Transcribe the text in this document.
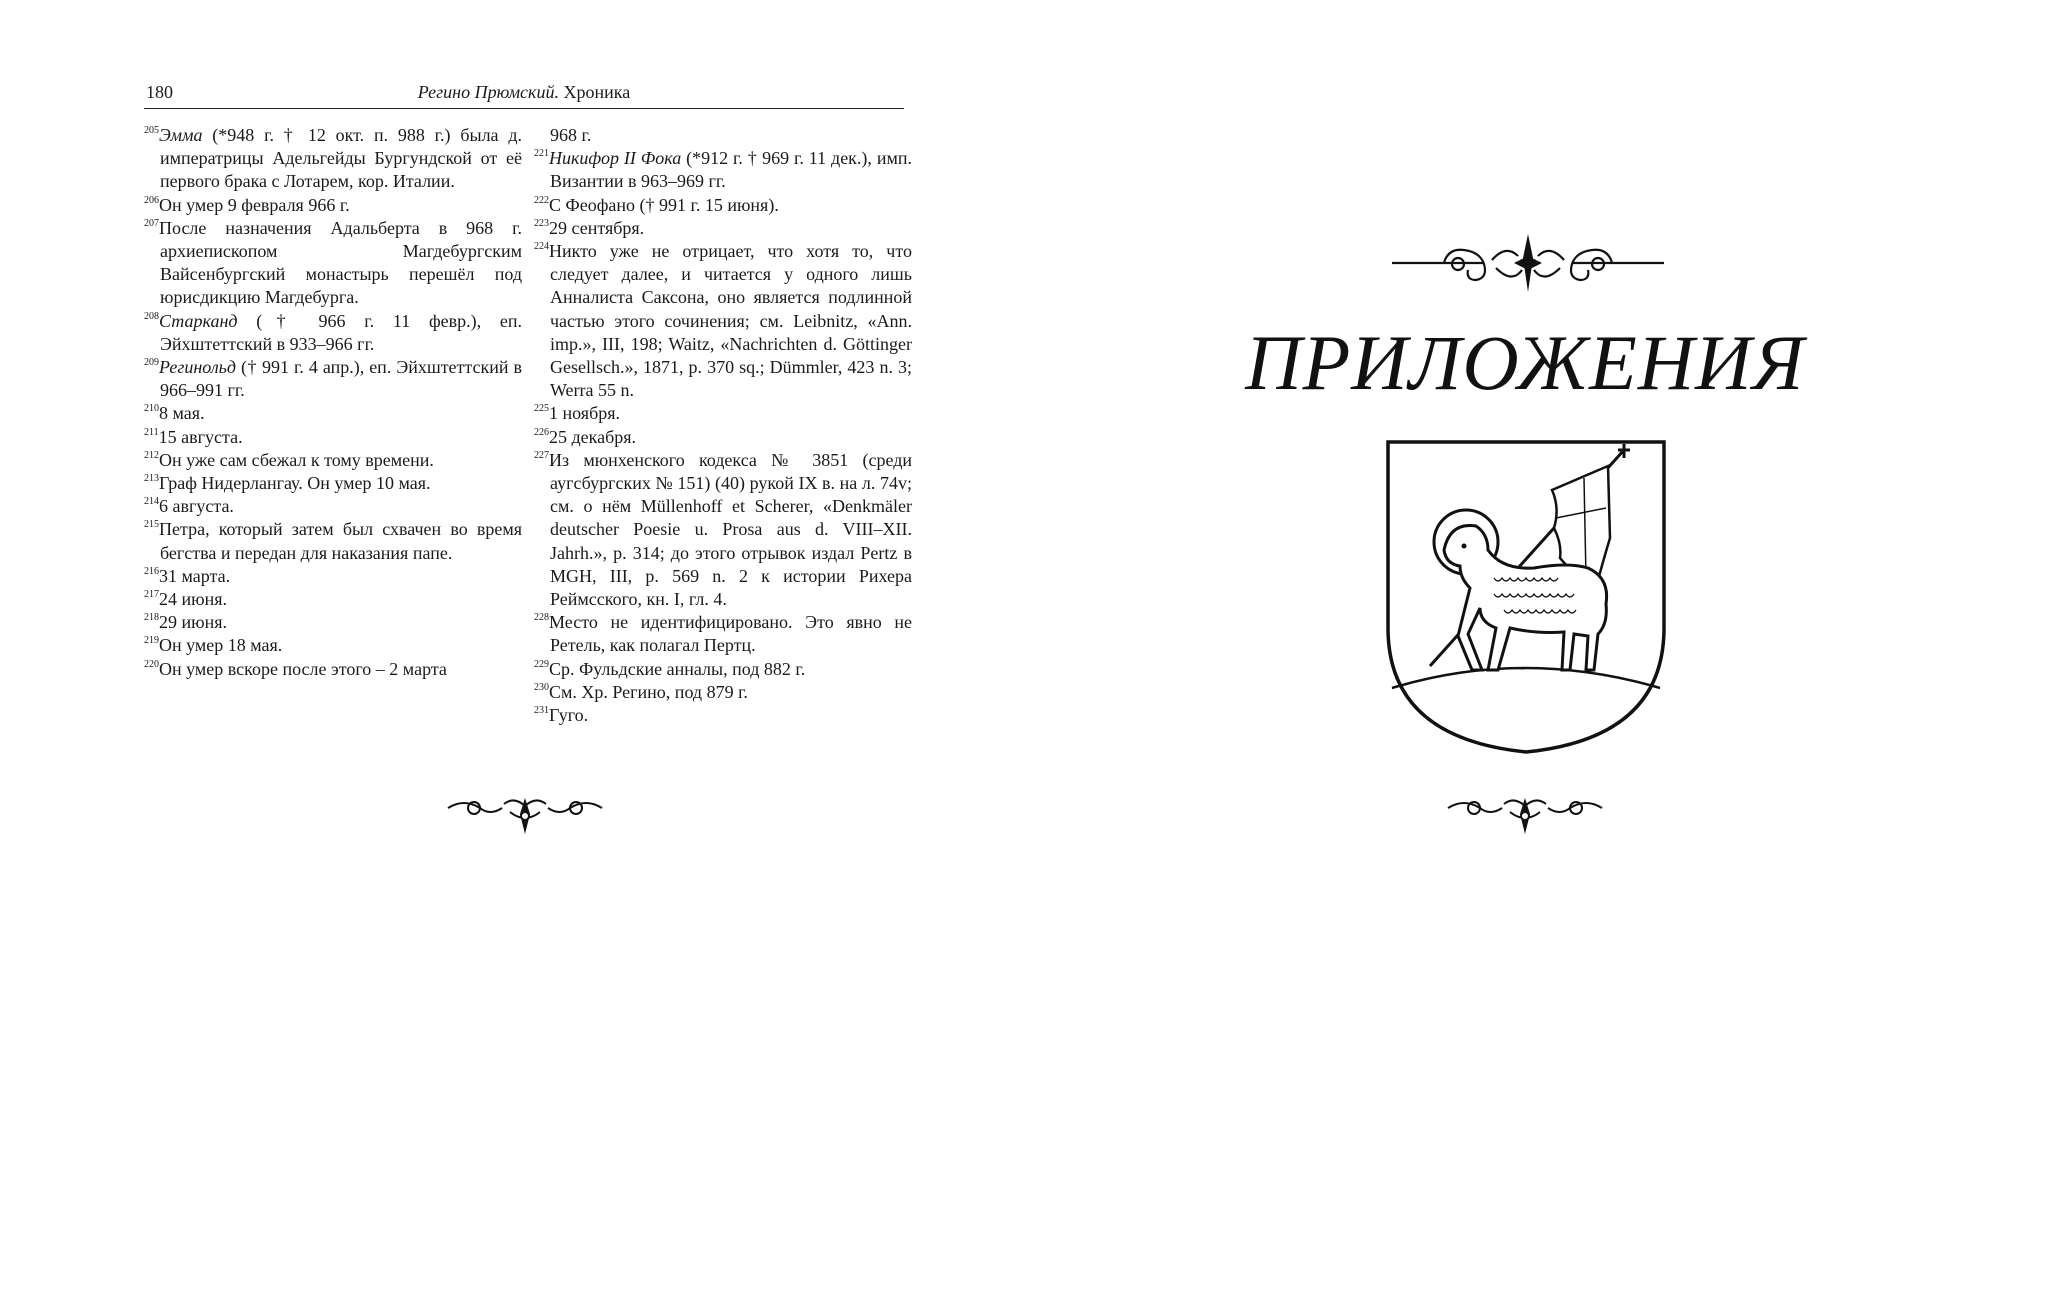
180	Регино Прюмский. Хроника

$^{205}$Эмма (*948 г. † 12 окт. п. 988 г.) была д. императрицы Адельгейды Бургундской от её первого брака с Лотарем, кор. Италии.

$^{206}$Он умер 9 февраля 966 г.

$^{207}$После назначения Адальберта в 968 г. архиепископом Магдебургским Вайсенбургский монастырь перешёл под юрисдикцию Магдебурга.

$^{208}$Старканд († 966 г. 11 февр.), еп. Эйхштеттский в 933–966 гг.

$^{209}$Регинольд († 991 г. 4 апр.), еп. Эйхштеттский в 966–991 гг.

$^{210}$8 мая.

$^{211}$15 августа.

$^{212}$Он уже сам сбежал к тому времени.

$^{213}$Граф Нидерлангау. Он умер 10 мая.

$^{214}$6 августа.

$^{215}$Петра, который затем был схвачен во время бегства и передан для наказания папе.

$^{216}$31 марта.

$^{217}$24 июня.

$^{218}$29 июня.

$^{219}$Он умер 18 мая.

$^{220}$Он умер вскоре после этого – 2 марта

968 г.

$^{221}$Никифор II Фока (*912 г. † 969 г. 11 дек.), имп. Византии в 963–969 гг.

$^{222}$С Феофано († 991 г. 15 июня).

$^{223}$29 сентября.

$^{224}$Никто уже не отрицает, что хотя то, что следует далее, и читается у одного лишь Анналиста Саксона, оно является подлинной частью этого сочинения; см. Leibnitz, «Ann. imp.», III, 198; Waitz, «Nachrichten d. Göttinger Gesellsch.», 1871, p. 370 sq.; Dümmler, 423 n. 3; Werra 55 n.

$^{225}$1 ноября.

$^{226}$25 декабря.

$^{227}$Из мюнхенского кодекса № 3851 (среди аугсбургских № 151) (40) рукой IX в. на л. 74v; см. о нём Müllenhoff et Scherer, «Denkmäler deutscher Poesie u. Prosa aus d. VIII–XII. Jahrh.», p. 314; до этого отрывок издал Pertz в MGH, III, p. 569 n. 2 к истории Рихера Реймсского, кн. I, гл. 4.

$^{228}$Место не идентифицировано. Это явно не Ретель, как полагал Пертц.

$^{229}$Ср. Фульдские анналы, под 882 г.

$^{230}$См. Хр. Регино, под 879 г.

$^{231}$Гуго.

ПРИЛОЖЕНИЯ
